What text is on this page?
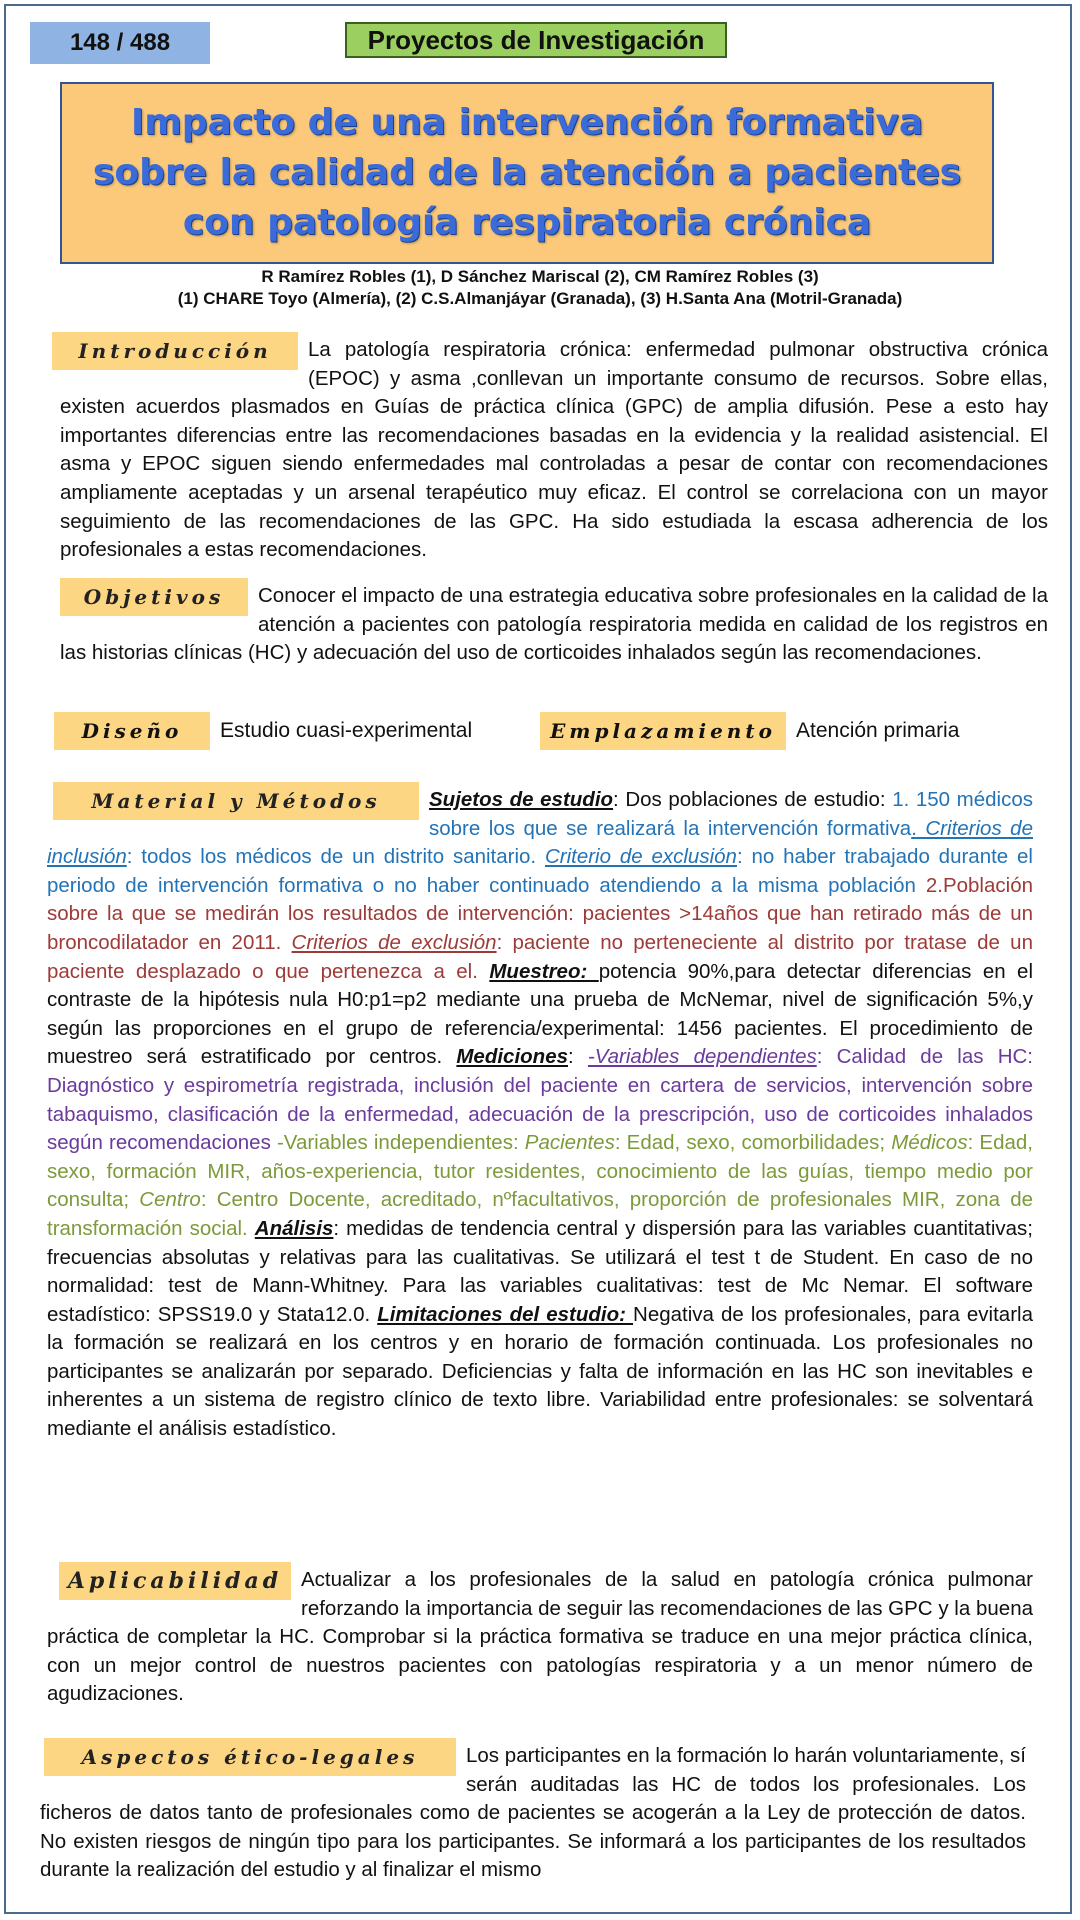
148 / 488	Proyectos de Investigación
Impacto de una intervención formativa sobre la calidad de la atención a pacientes con patología respiratoria crónica
R Ramírez Robles (1), D Sánchez Mariscal (2), CM Ramírez Robles (3)
(1) CHARE Toyo (Almería), (2) C.S.Almanjáyar (Granada), (3) H.Santa Ana (Motril-Granada)
Introducción	La patología respiratoria crónica: enfermedad pulmonar obstructiva crónica (EPOC) y asma ,conllevan un importante consumo de recursos. Sobre ellas, existen acuerdos plasmados en Guías de práctica clínica (GPC) de amplia difusión. Pese a esto hay importantes diferencias entre las recomendaciones basadas en la evidencia y la realidad asistencial. El asma y EPOC siguen siendo enfermedades mal controladas a pesar de contar con recomendaciones ampliamente aceptadas y un arsenal terapéutico muy eficaz. El control se correlaciona con un mayor seguimiento de las recomendaciones de las GPC. Ha sido estudiada la escasa adherencia de los profesionales a estas recomendaciones.
Objetivos	Conocer el impacto de una estrategia educativa sobre profesionales en la calidad de la atención a pacientes con patología respiratoria medida en calidad de los registros en las historias clínicas (HC) y adecuación del uso de corticoides inhalados según las recomendaciones.
Diseño	Estudio cuasi-experimental	Emplazamiento Atención primaria
Material y Métodos	Sujetos de estudio: Dos poblaciones de estudio: 1. 150 médicos sobre los que se realizará la intervención formativa. Criterios de inclusión: todos los médicos de un distrito sanitario. Criterio de exclusión: no haber trabajado durante el periodo de intervención formativa o no haber continuado atendiendo a la misma población 2.Población sobre la que se medirán los resultados de intervención: pacientes >14años que han retirado más de un broncodilatador en 2011. Criterios de exclusión: paciente no perteneciente al distrito por tratase de un paciente desplazado o que pertenezca a el. Muestreo: potencia 90%,para detectar diferencias en el contraste de la hipótesis nula H0:p1=p2 mediante una prueba de McNemar, nivel de significación 5%,y según las proporciones en el grupo de referencia/experimental: 1456 pacientes. El procedimiento de muestreo será estratificado por centros. Mediciones: -Variables dependientes: Calidad de las HC: Diagnóstico y espirometría registrada, inclusión del paciente en cartera de servicios, intervención sobre tabaquismo, clasificación de la enfermedad, adecuación de la prescripción, uso de corticoides inhalados según recomendaciones -Variables independientes: Pacientes: Edad, sexo, comorbilidades; Médicos: Edad, sexo, formación MIR, años-experiencia, tutor residentes, conocimiento de las guías, tiempo medio por consulta; Centro: Centro Docente, acreditado, nºfacultativos, proporción de profesionales MIR, zona de transformación social. Análisis: medidas de tendencia central y dispersión para las variables cuantitativas; frecuencias absolutas y relativas para las cualitativas. Se utilizará el test t de Student. En caso de no normalidad: test de Mann-Whitney. Para las variables cualitativas: test de Mc Nemar. El software estadístico: SPSS19.0 y Stata12.0. Limitaciones del estudio: Negativa de los profesionales, para evitarla la formación se realizará en los centros y en horario de formación continuada. Los profesionales no participantes se analizarán por separado. Deficiencias y falta de información en las HC son inevitables e inherentes a un sistema de registro clínico de texto libre. Variabilidad entre profesionales: se solventará mediante el análisis estadístico.
Aplicabilidad Actualizar a los profesionales de la salud en patología crónica pulmonar reforzando la importancia de seguir las recomendaciones de las GPC y la buena práctica de completar la HC. Comprobar si la práctica formativa se traduce en una mejor práctica clínica, con un mejor control de nuestros pacientes con patologías respiratoria y a un menor número de agudizaciones.
Aspectos ético-legales	Los participantes en la formación lo harán voluntariamente, sí serán auditadas las HC de todos los profesionales. Los ficheros de datos tanto de profesionales como de pacientes se acogerán a la Ley de protección de datos. No existen riesgos de ningún tipo para los participantes. Se informará a los participantes de los resultados durante la realización del estudio y al finalizar el mismo
